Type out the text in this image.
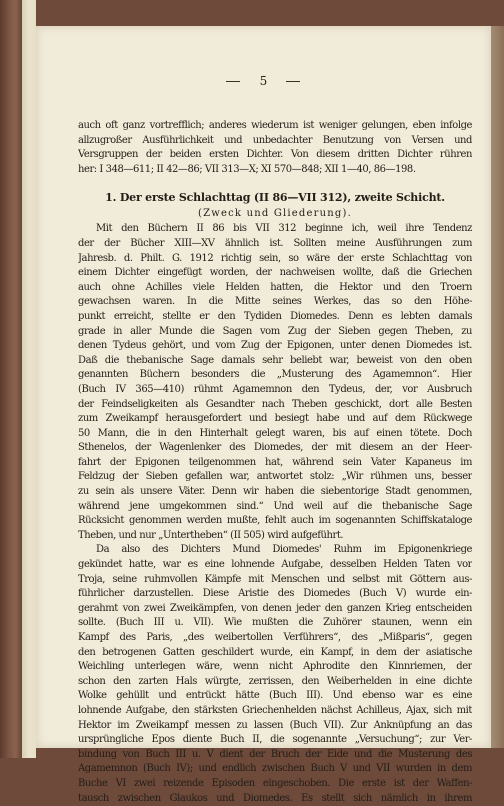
5
auch oft ganz vortrefflich; anderes wiederum ist weniger gelungen, eben infolge
allzugroßer Ausführlichkeit und unbedachter Benutzung von Versen und
Versgruppen der beiden ersten Dichter. Von diesem dritten Dichter rühren
her: I 348—611; II 42—86; VII 313—X; XI 570—848; XII 1—40, 86—198.
1. Der erste Schlachttag (II 86—VII 312), zweite Schicht.
(Zweck und Gliederung).
Mit den Büchern II 86 bis VII 312 beginne ich, weil ihre Tendenz
der der Bücher XIII—XV ähnlich ist. Sollten meine Ausführungen zum
Jahresb. d. Philt. G. 1912 richtig sein, so wäre der erste Schlachttag von
einem Dichter eingefügt worden, der nachweisen wollte, daß die Griechen
auch ohne Achilles viele Helden hatten, die Hektor und den Troern
gewachsen waren. In die Mitte seines Werkes, das so den Höhe-
punkt erreicht, stellte er den Tydiden Diomedes. Denn es lebten damals
grade in aller Munde die Sagen vom Zug der Sieben gegen Theben, zu
denen Tydeus gehört, und vom Zug der Epigonen, unter denen Diomedes ist.
Daß die thebanische Sage damals sehr beliebt war, beweist von den oben
genannten Büchern besonders die „Musterung des Agamemnon“. Hier
(Buch IV 365—410) rühmt Agamemnon den Tydeus, der, vor Ausbruch
der Feindseligkeiten als Gesandter nach Theben geschickt, dort alle Besten
zum Zweikampf herausgefordert und besiegt habe und auf dem Rückwege
50 Mann, die in den Hinterhalt gelegt waren, bis auf einen tötete. Doch
Sthenelos, der Wagenlenker des Diomedes, der mit diesem an der Heer-
fahrt der Epigonen teilgenommen hat, während sein Vater Kapaneus im
Feldzug der Sieben gefallen war, antwortet stolz: „Wir rühmen uns, besser
zu sein als unsere Väter. Denn wir haben die siebentorige Stadt genommen,
während jene umgekommen sind.“ Und weil auf die thebanische Sage
Rücksicht genommen werden mußte, fehlt auch im sogenannten Schiffskataloge
Theben, und nur „Untertheben“ (II 505) wird aufgeführt.
Da also des Dichters Mund Diomedes' Ruhm im Epigonenkriege
gekündet hatte, war es eine lohnende Aufgabe, desselben Helden Taten vor
Troja, seine ruhmvollen Kämpfe mit Menschen und selbst mit Göttern aus-
führlicher darzustellen. Diese Aristie des Diomedes (Buch V) wurde ein-
gerahmt von zwei Zweikämpfen, von denen jeder den ganzen Krieg entscheiden
sollte. (Buch III u. VII). Wie mußten die Zuhörer staunen, wenn ein
Kampf des Paris, „des weibertollen Verführers“, des „Mißparis“, gegen
den betrogenen Gatten geschildert wurde, ein Kampf, in dem der asiatische
Weichling unterlegen wäre, wenn nicht Aphrodite den Kinnriemen, der
schon den zarten Hals würgte, zerrissen, den Weiberhelden in eine dichte
Wolke gehüllt und entrückt hätte (Buch III). Und ebenso war es eine
lohnende Aufgabe, den stärksten Griechenhelden nächst Achilleus, Ajax, sich mit
Hektor im Zweikampf messen zu lassen (Buch VII). Zur Anknüpfung an das
ursprüngliche Epos diente Buch II, die sogenannte „Versuchung“; zur Ver-
bindung von Buch III u. V dient der Bruch der Eide und die Musterung des
Agamemnon (Buch IV); und endlich zwischen Buch V und VII wurden in dem
Buche VI zwei reizende Episoden eingeschoben. Die erste ist der Waffen-
tausch zwischen Glaukos und Diomedes. Es stellt sich nämlich in ihrem
